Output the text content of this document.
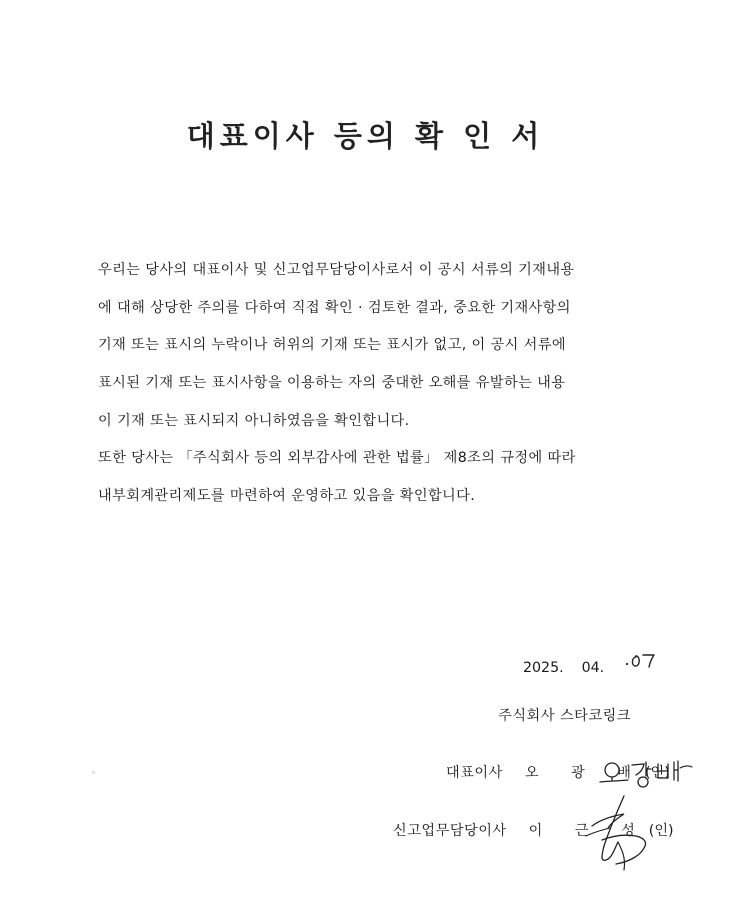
대표이사 등의 확 인 서
우리는 당사의 대표이사 및 신고업무담당이사로서 이 공시 서류의 기재내용
에 대해 상당한 주의를 다하여 직접 확인 · 검토한 결과, 중요한 기재사항의
기재 또는 표시의 누락이나 허위의 기재 또는 표시가 없고, 이 공시 서류에
표시된 기재 또는 표시사항을 이용하는 자의 중대한 오해를 유발하는 내용
이 기재 또는 표시되지 아니하였음을 확인합니다.
또한 당사는 「주식회사 등의 외부감사에 관한 법률」 제8조의 규정에 따라
내부회계관리제도를 마련하여 운영하고 있음을 확인합니다.
2025. 04.
주식회사 스타코링크
대표이사 오 광 배 (인)
신고업무담당이사 이 근 성 (인)
